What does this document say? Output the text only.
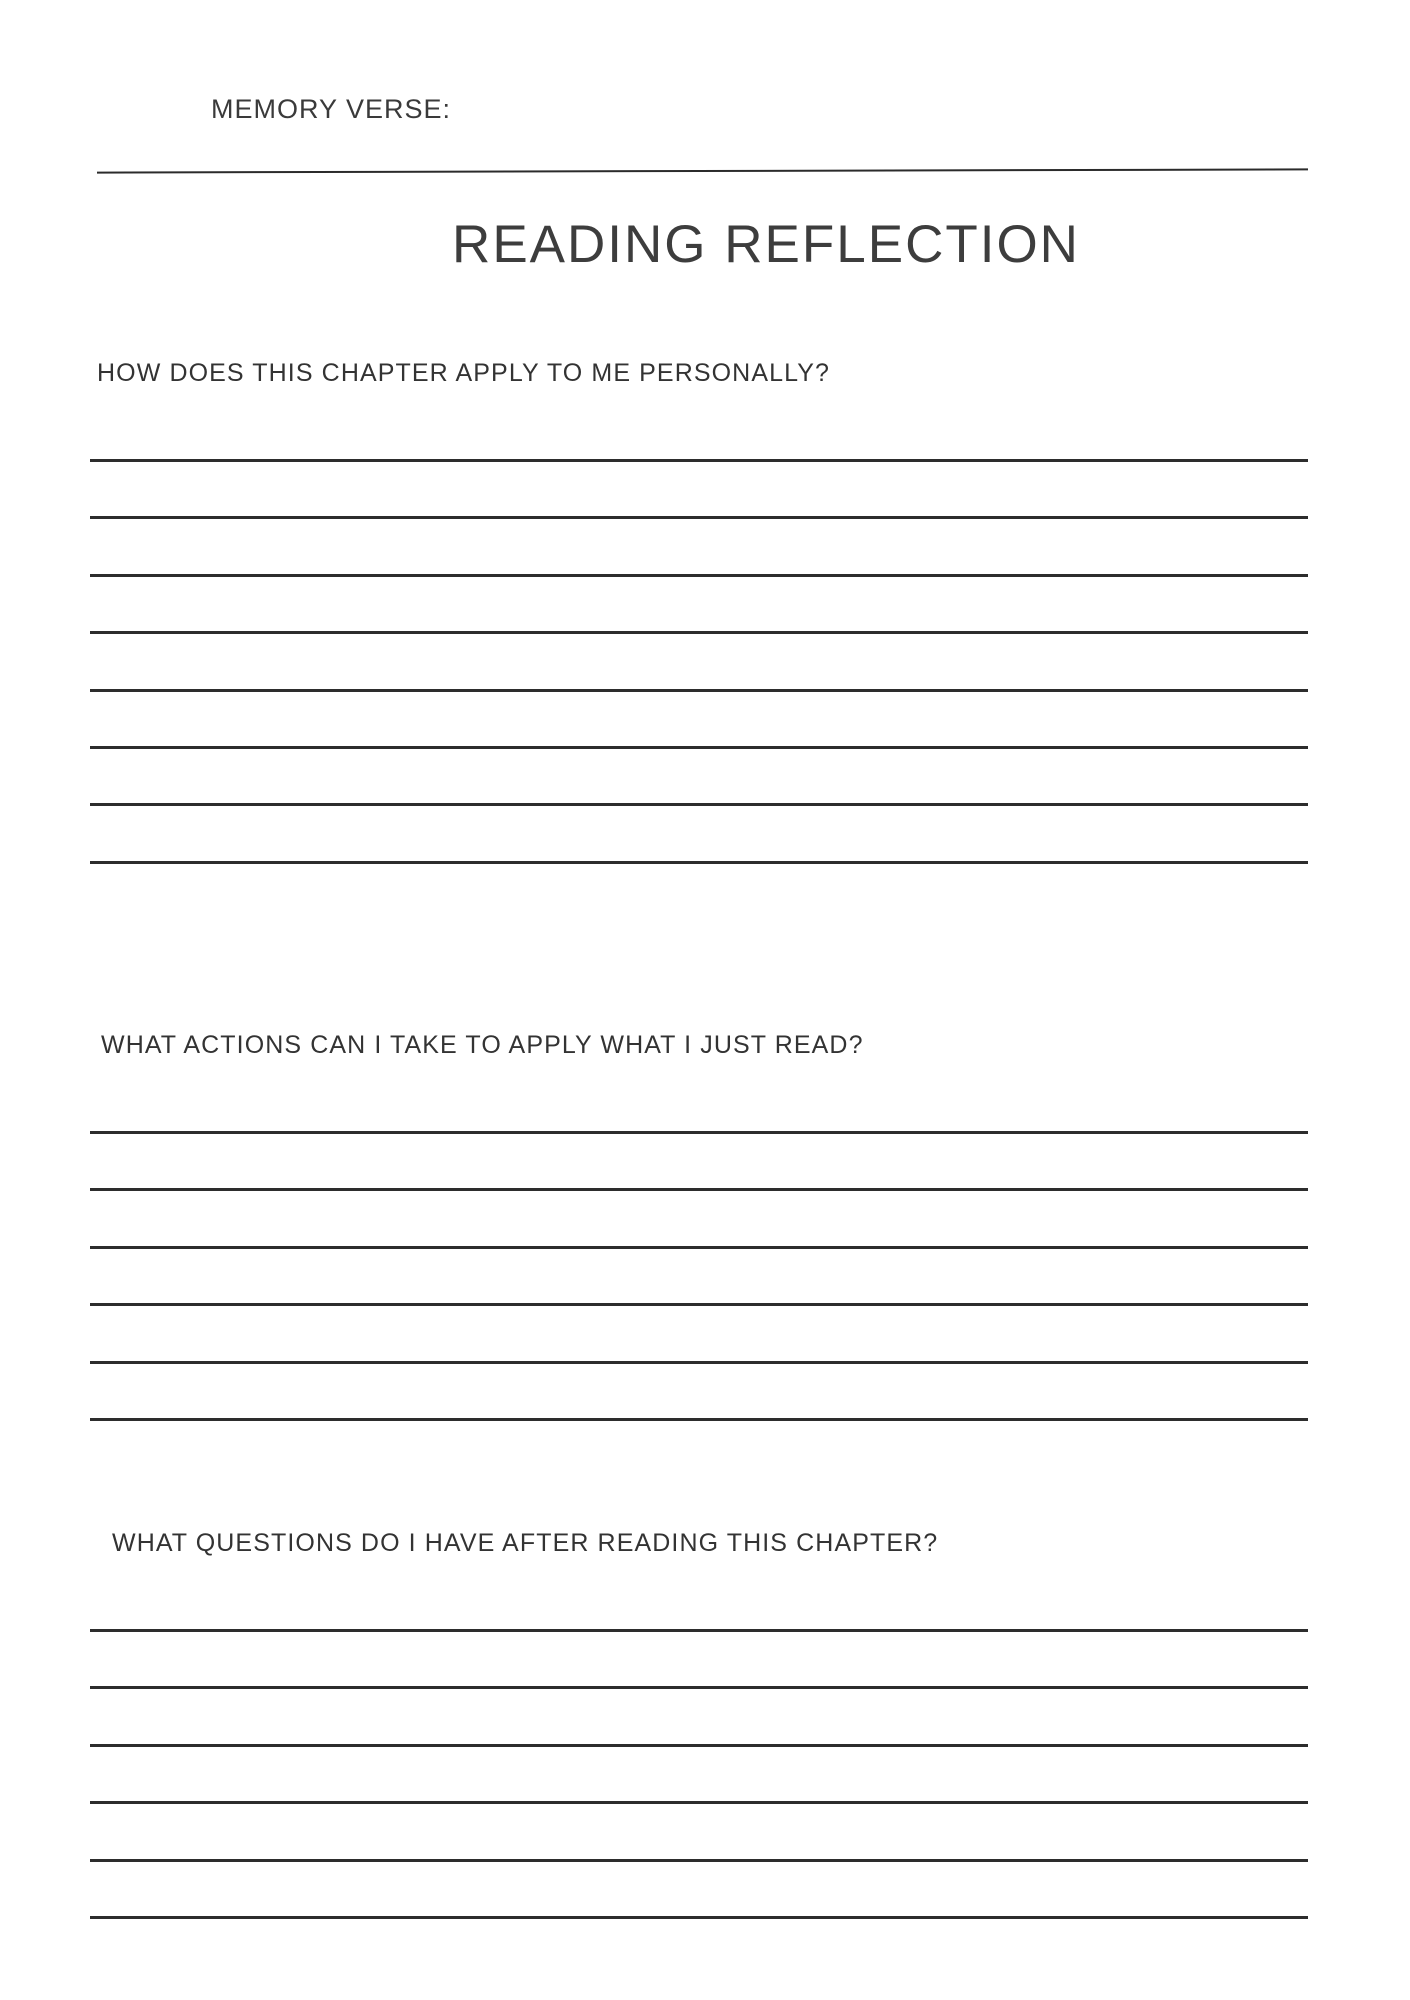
MEMORY VERSE:
READING REFLECTION
HOW DOES THIS CHAPTER APPLY TO ME PERSONALLY?
WHAT ACTIONS CAN I TAKE TO APPLY WHAT I JUST READ?
WHAT QUESTIONS DO I HAVE AFTER READING THIS CHAPTER?
